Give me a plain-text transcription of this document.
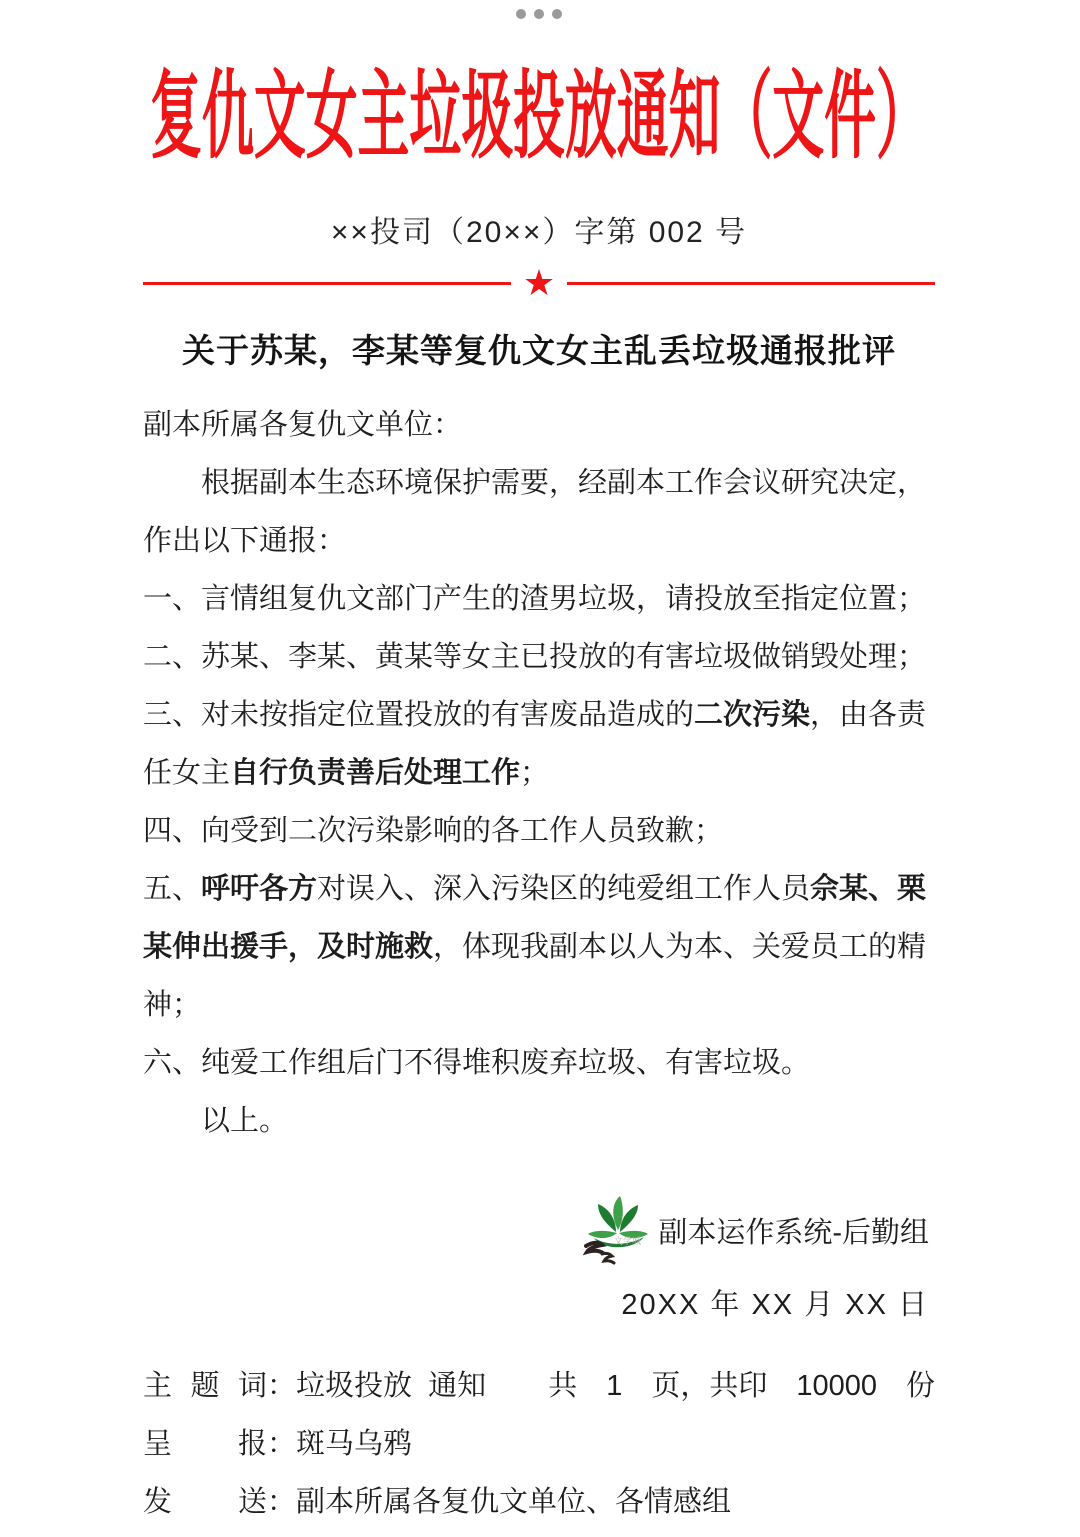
复仇文女主垃圾投放通知（文件）
××投司（20××）字第 002 号
★
关于苏某，李某等复仇文女主乱丢垃圾通报批评

副本所属各复仇文单位：

根据副本生态环境保护需要，经副本工作会议研究决定，

作出以下通报：

一、言情组复仇文部门产生的渣男垃圾，请投放至指定位置；

二、苏某、李某、黄某等女主已投放的有害垃圾做销毁处理；

三、对未按指定位置投放的有害废品造成的二次污染，由各责

任女主自行负责善后处理工作；

四、向受到二次污染影响的各工作人员致歉；

五、呼吁各方对误入、深入污染区的纯爱组工作人员佘某、栗

某伸出援手，及时施救，体现我副本以人为本、关爱员工的精

神；

六、纯爱工作组后门不得堆积废弃垃圾、有害垃圾。

以上。

文学城 副本运作系统-后勤组
20XX 年 XX 月 XX 日
主题词：垃圾投放  通知 共　1　页，共印　10000　份
呈报：斑马乌鸦
发送：副本所属各复仇文单位、各情感组
